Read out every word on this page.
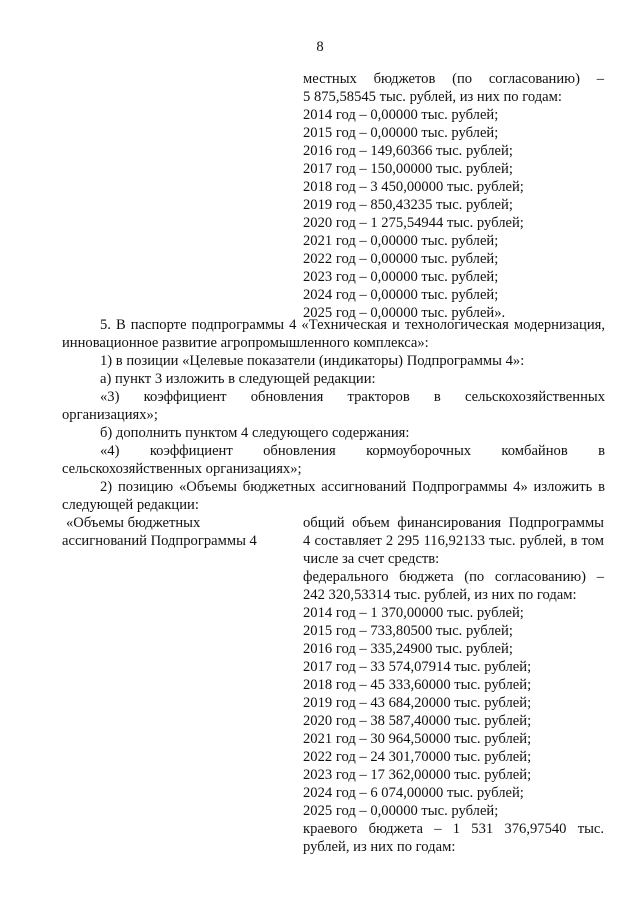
8
местных бюджетов (по согласованию) –
5 875,58545 тыс. рублей, из них по годам:
2014 год – 0,00000 тыс. рублей;
2015 год – 0,00000 тыс. рублей;
2016 год – 149,60366 тыс. рублей;
2017 год – 150,00000 тыс. рублей;
2018 год – 3 450,00000 тыс. рублей;
2019 год – 850,43235 тыс. рублей;
2020 год – 1 275,54944 тыс. рублей;
2021 год – 0,00000 тыс. рублей;
2022 год – 0,00000 тыс. рублей;
2023 год – 0,00000 тыс. рублей;
2024 год – 0,00000 тыс. рублей;
2025 год – 0,00000 тыс. рублей».
5. В паспорте подпрограммы 4 «Техническая и технологическая модернизация,
инновационное развитие агропромышленного комплекса»:
1) в позиции «Целевые показатели (индикаторы) Подпрограммы 4»:
а) пункт 3 изложить в следующей редакции:
«3) коэффициент обновления тракторов в сельскохозяйственных
организациях»;
б) дополнить пунктом 4 следующего содержания:
«4) коэффициент обновления кормоуборочных комбайнов в
сельскохозяйственных организациях»;
2) позицию «Объемы бюджетных ассигнований Подпрограммы 4» изложить в
следующей редакции:
«Объемы бюджетных
ассигнований Подпрограммы 4
общий объем финансирования Подпрограммы
4 составляет 2 295 116,92133 тыс. рублей, в том
числе за счет средств:
федерального бюджета (по согласованию) –
242 320,53314 тыс. рублей, из них по годам:
2014 год – 1 370,00000 тыс. рублей;
2015 год – 733,80500 тыс. рублей;
2016 год – 335,24900 тыс. рублей;
2017 год – 33 574,07914 тыс. рублей;
2018 год – 45 333,60000 тыс. рублей;
2019 год – 43 684,20000 тыс. рублей;
2020 год – 38 587,40000 тыс. рублей;
2021 год – 30 964,50000 тыс. рублей;
2022 год – 24 301,70000 тыс. рублей;
2023 год – 17 362,00000 тыс. рублей;
2024 год – 6 074,00000 тыс. рублей;
2025 год – 0,00000 тыс. рублей;
краевого бюджета – 1 531 376,97540 тыс.
рублей, из них по годам:
